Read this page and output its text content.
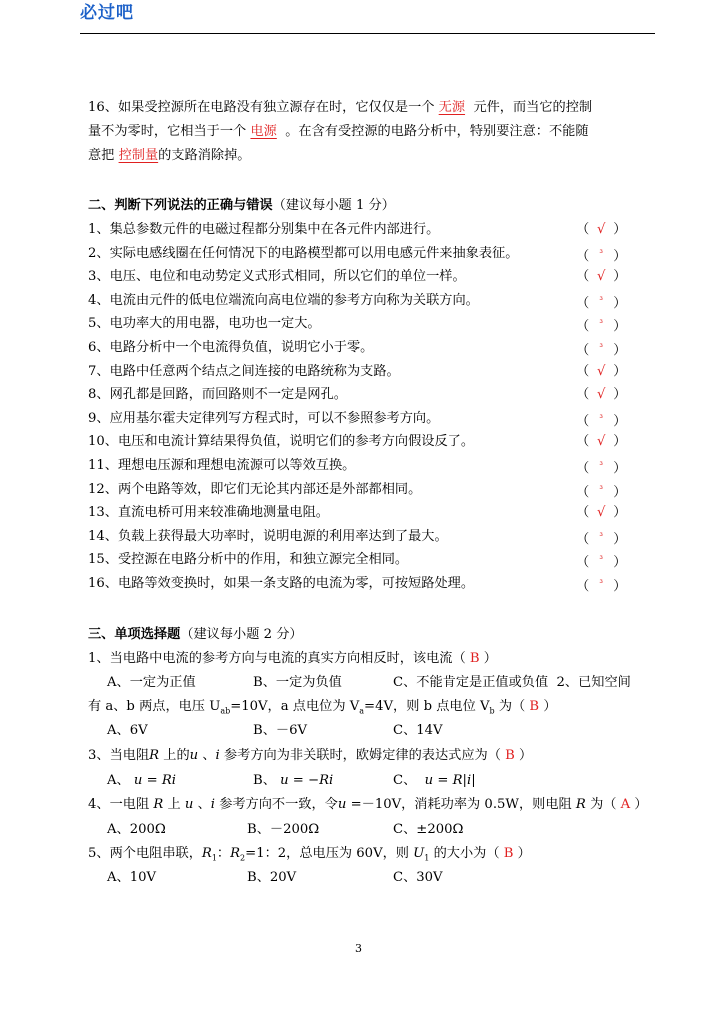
必过吧
16、如果受控源所在电路没有独立源存在时，它仅仅是一个 无源 元件，而当它的控制
量不为零时，它相当于一个 电源 。在含有受控源的电路分析中，特别要注意：不能随
意把 控制量的支路消除掉。
二、判断下列说法的正确与错误（建议每小题 1 分）
1、集总参数元件的电磁过程都分别集中在各元件内部进行。	（ √ ）
2、实际电感线圈在任何情况下的电路模型都可以用电感元件来抽象表征。	（ ³ ）
3、电压、电位和电动势定义式形式相同，所以它们的单位一样。	（ √ ）
4、电流由元件的低电位端流向高电位端的参考方向称为关联方向。	（ ³ ）
5、电功率大的用电器，电功也一定大。	（ ³ ）
6、电路分析中一个电流得负值，说明它小于零。	（ ³ ）
7、电路中任意两个结点之间连接的电路统称为支路。	（ √ ）
8、网孔都是回路，而回路则不一定是网孔。	（ √ ）
9、应用基尔霍夫定律列写方程式时，可以不参照参考方向。	（ ³ ）
10、电压和电流计算结果得负值，说明它们的参考方向假设反了。	（ √ ）
11、理想电压源和理想电流源可以等效互换。	（ ³ ）
12、两个电路等效，即它们无论其内部还是外部都相同。	（ ³ ）
13、直流电桥可用来较准确地测量电阻。	（ √ ）
14、负载上获得最大功率时，说明电源的利用率达到了最大。	（ ³ ）
15、受控源在电路分析中的作用，和独立源完全相同。	（ ³ ）
16、电路等效变换时，如果一条支路的电流为零，可按短路处理。	（ ³ ）
三、单项选择题（建议每小题 2 分）
1、当电路中电流的参考方向与电流的真实方向相反时，该电流（ B ）
A、一定为正值	B、一定为负值	C、不能肯定是正值或负值 2、已知空间
有 a、b 两点，电压 $U_{ab}=10V$，a 点电位为 $V_a=4V$，则 b 点电位 $V_b$ 为（ B ）
A、6V	B、－6V	C、14V
3、当电阻R 上的u 、i 参考方向为非关联时，欧姆定律的表达式应为（ B ）
A、 u = Ri	B、 u = −Ri	C、 u = R|i|
4、一电阻 R 上 u 、i 参考方向不一致，令u =－10V，消耗功率为 0.5W，则电阻 R 为（ A ）
A、200Ω	B、－200Ω	C、±200Ω
5、两个电阻串联，$R_1$：$R_2=1$：2，总电压为 60V，则 $U_1$ 的大小为（ B ）
A、10V	B、20V	C、30V
3
